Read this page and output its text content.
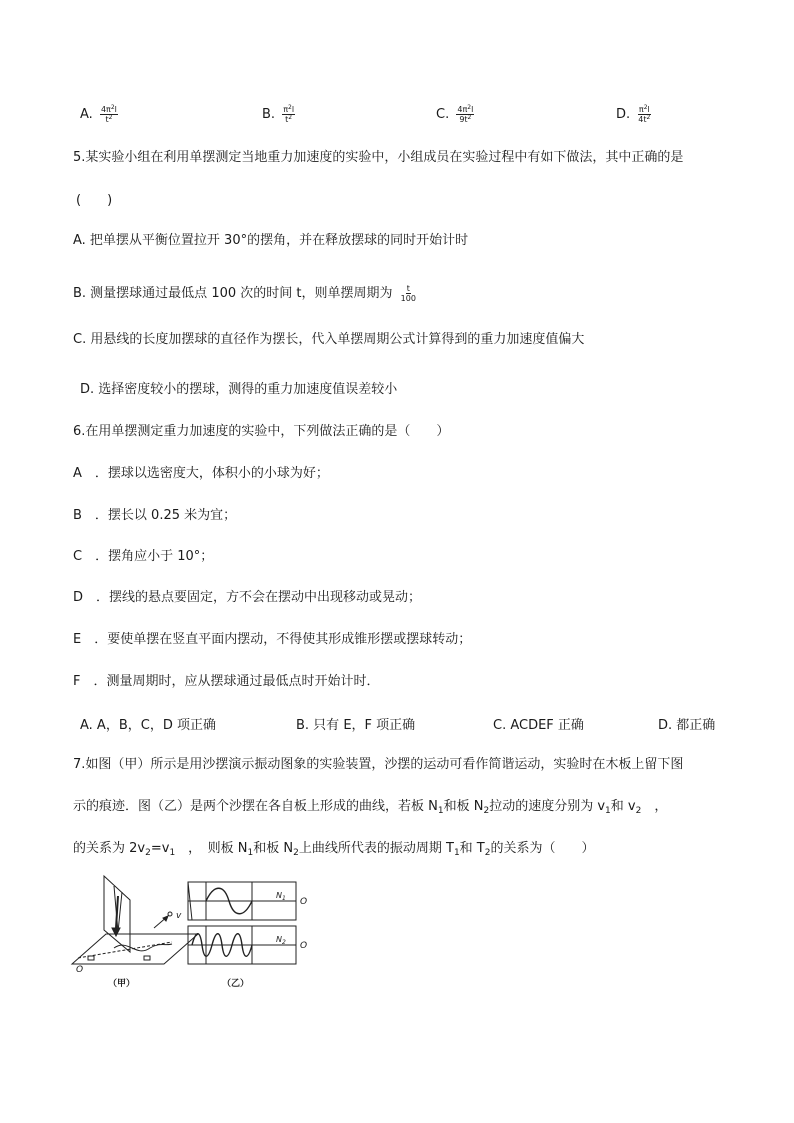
A. $\frac{4\pi^2l}{t^2}$	B. $\frac{\pi^2l}{t^2}$	C. $\frac{4\pi^2l}{9t^2}$	D. $\frac{\pi^2l}{4t^2}$
5.某实验小组在利用单摆测定当地重力加速度的实验中，小组成员在实验过程中有如下做法，其中正确的是
(　　)
A. 把单摆从平衡位置拉开 30°的摆角，并在释放摆球的同时开始计时
B. 测量摆球通过最低点 100 次的时间 t，则单摆周期为 $\frac{t}{100}$
C. 用悬线的长度加摆球的直径作为摆长，代入单摆周期公式计算得到的重力加速度值偏大
D. 选择密度较小的摆球，测得的重力加速度值误差较小
6.在用单摆测定重力加速度的实验中，下列做法正确的是（　　）
A　．摆球以选密度大，体积小的小球为好；
B　．摆长以 0.25 米为宜；
C　．摆角应小于 10°；
D　．摆线的悬点要固定，方不会在摆动中出现移动或晃动；
E　．要使单摆在竖直平面内摆动，不得使其形成锥形摆或摆球转动；
F　．测量周期时，应从摆球通过最低点时开始计时．
A. A，B，C，D 项正确	B. 只有 E，F 项正确	C. ACDEF 正确	D. 都正确
7.如图（甲）所示是用沙摆演示振动图象的实验装置，沙摆的运动可看作简谐运动，实验时在木板上留下图
示的痕迹．图（乙）是两个沙摆在各自板上形成的曲线，若板 $N_1$和板 $N_2$拉动的速度分别为 $v_1$和 $v_2$　，
的关系为 $2v_2=v_1$　，　则板 $N_1$和板 $N_2$上曲线所代表的振动周期 $T_1$和 $T_2$的关系为（　　）
v
O
（甲）
$N_1$ O
$N_2$ O
（乙）
